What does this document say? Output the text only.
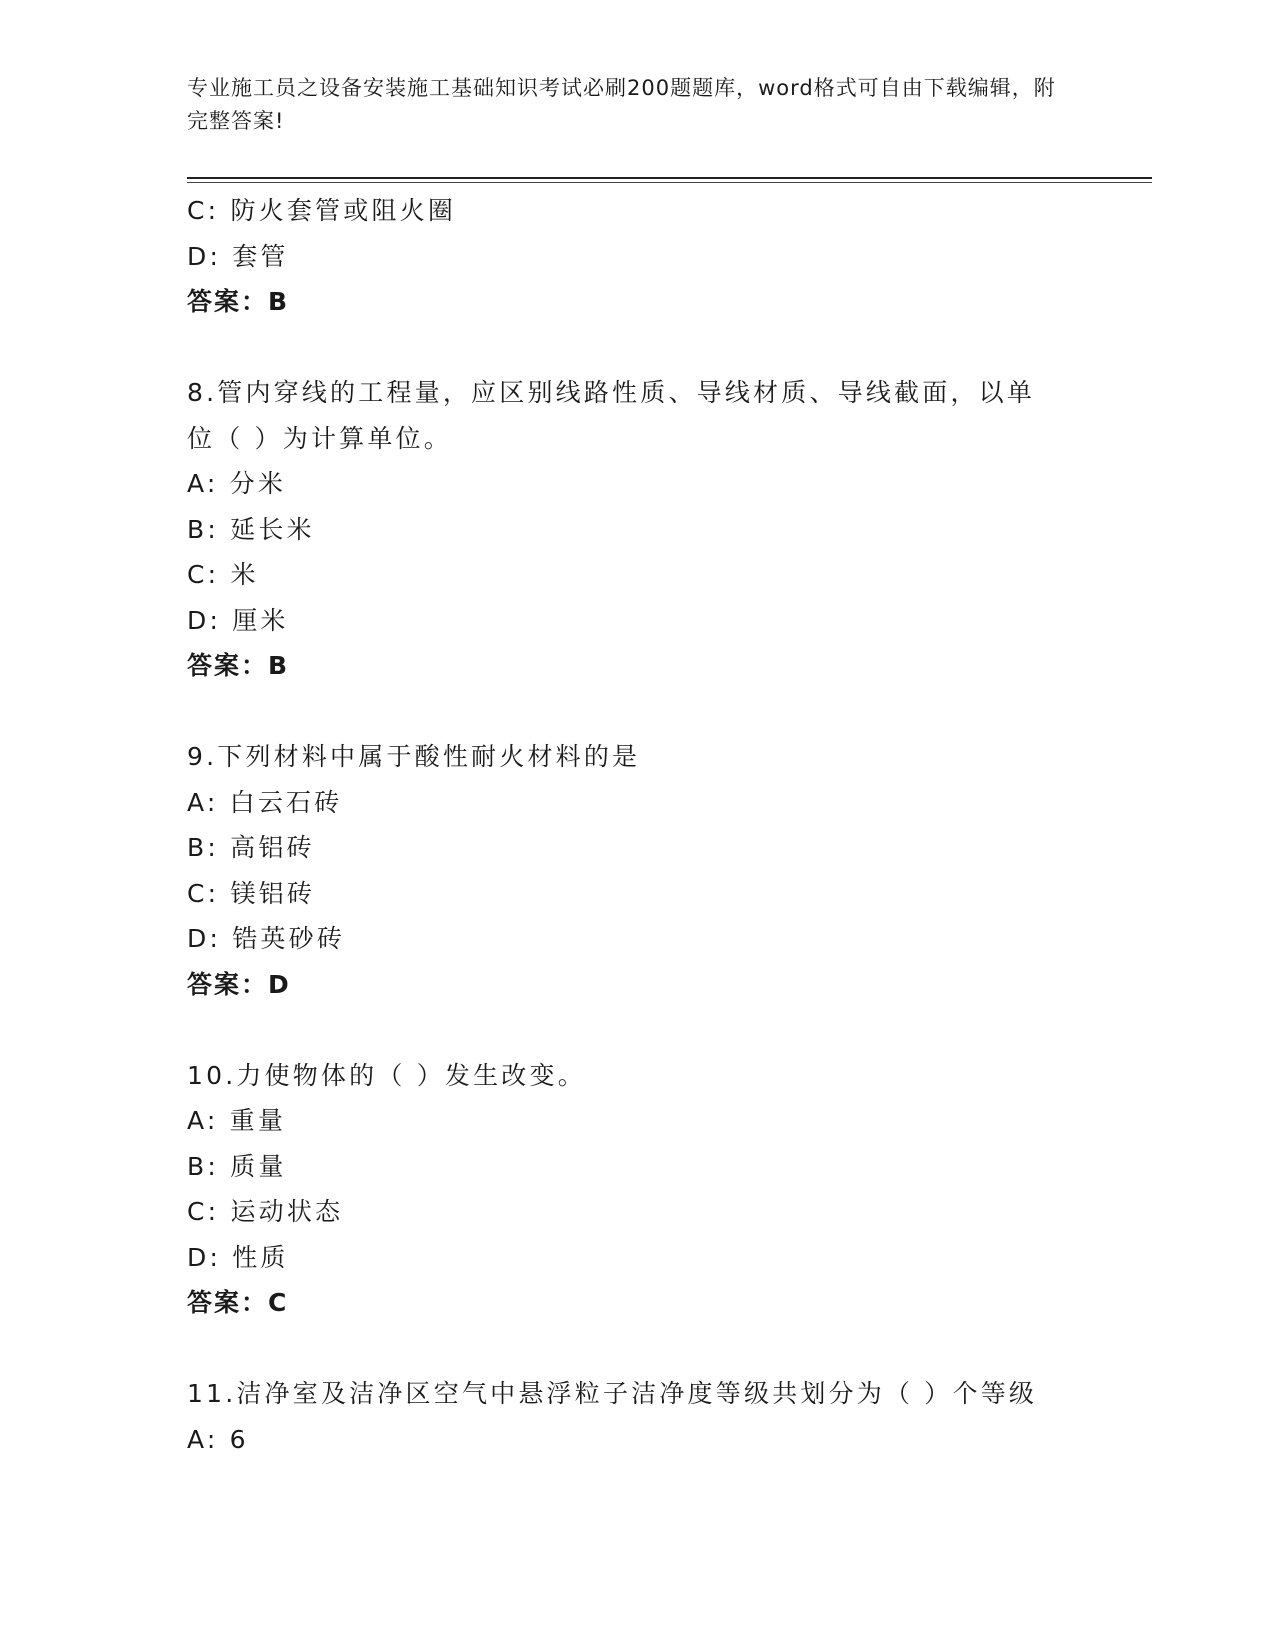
专业施工员之设备安装施工基础知识考试必刷200题题库，word格式可自由下载编辑，附完整答案!
C: 防火套管或阻火圈
D: 套管
答案：B
8.管内穿线的工程量，应区别线路性质、导线材质、导线截面，以单
位（ ）为计算单位。
A: 分米
B: 延长米
C: 米
D: 厘米
答案：B
9.下列材料中属于酸性耐火材料的是
A: 白云石砖
B: 高铝砖
C: 镁铝砖
D: 锆英砂砖
答案：D
10.力使物体的（ ）发生改变。
A: 重量
B: 质量
C: 运动状态
D: 性质
答案：C
11.洁净室及洁净区空气中悬浮粒子洁净度等级共划分为（ ）个等级
A: 6
